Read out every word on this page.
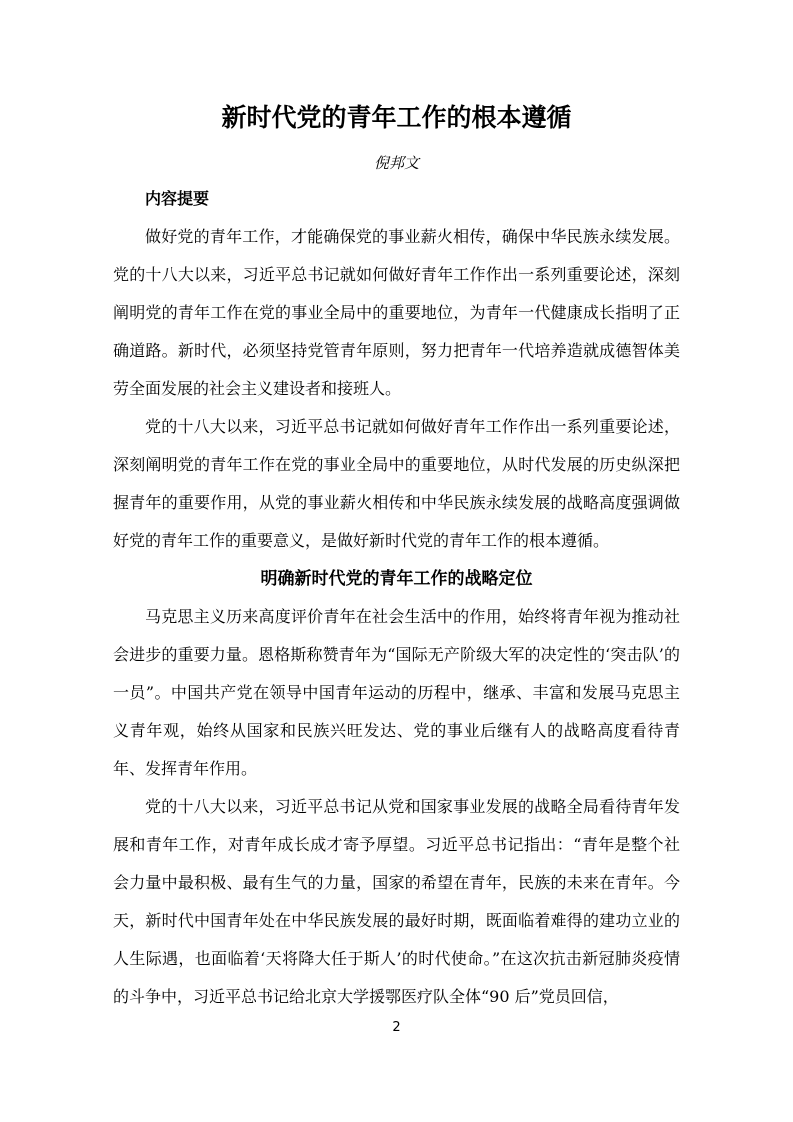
新时代党的青年工作的根本遵循
倪邦文
内容提要

做好党的青年工作，才能确保党的事业薪火相传，确保中华民族永续发展。党的十八大以来，习近平总书记就如何做好青年工作作出一系列重要论述，深刻阐明党的青年工作在党的事业全局中的重要地位，为青年一代健康成长指明了正确道路。新时代，必须坚持党管青年原则，努力把青年一代培养造就成德智体美劳全面发展的社会主义建设者和接班人。

党的十八大以来，习近平总书记就如何做好青年工作作出一系列重要论述，深刻阐明党的青年工作在党的事业全局中的重要地位，从时代发展的历史纵深把握青年的重要作用，从党的事业薪火相传和中华民族永续发展的战略高度强调做好党的青年工作的重要意义，是做好新时代党的青年工作的根本遵循。

明确新时代党的青年工作的战略定位

马克思主义历来高度评价青年在社会生活中的作用，始终将青年视为推动社会进步的重要力量。恩格斯称赞青年为“国际无产阶级大军的决定性的‘突击队’的一员”。中国共产党在领导中国青年运动的历程中，继承、丰富和发展马克思主义青年观，始终从国家和民族兴旺发达、党的事业后继有人的战略高度看待青年、发挥青年作用。

党的十八大以来，习近平总书记从党和国家事业发展的战略全局看待青年发展和青年工作，对青年成长成才寄予厚望。习近平总书记指出：“青年是整个社会力量中最积极、最有生气的力量，国家的希望在青年，民族的未来在青年。今天，新时代中国青年处在中华民族发展的最好时期，既面临着难得的建功立业的人生际遇，也面临着‘天将降大任于斯人’的时代使命。”在这次抗击新冠肺炎疫情的斗争中，习近平总书记给北京大学援鄂医疗队全体“90 后”党员回信，

2
